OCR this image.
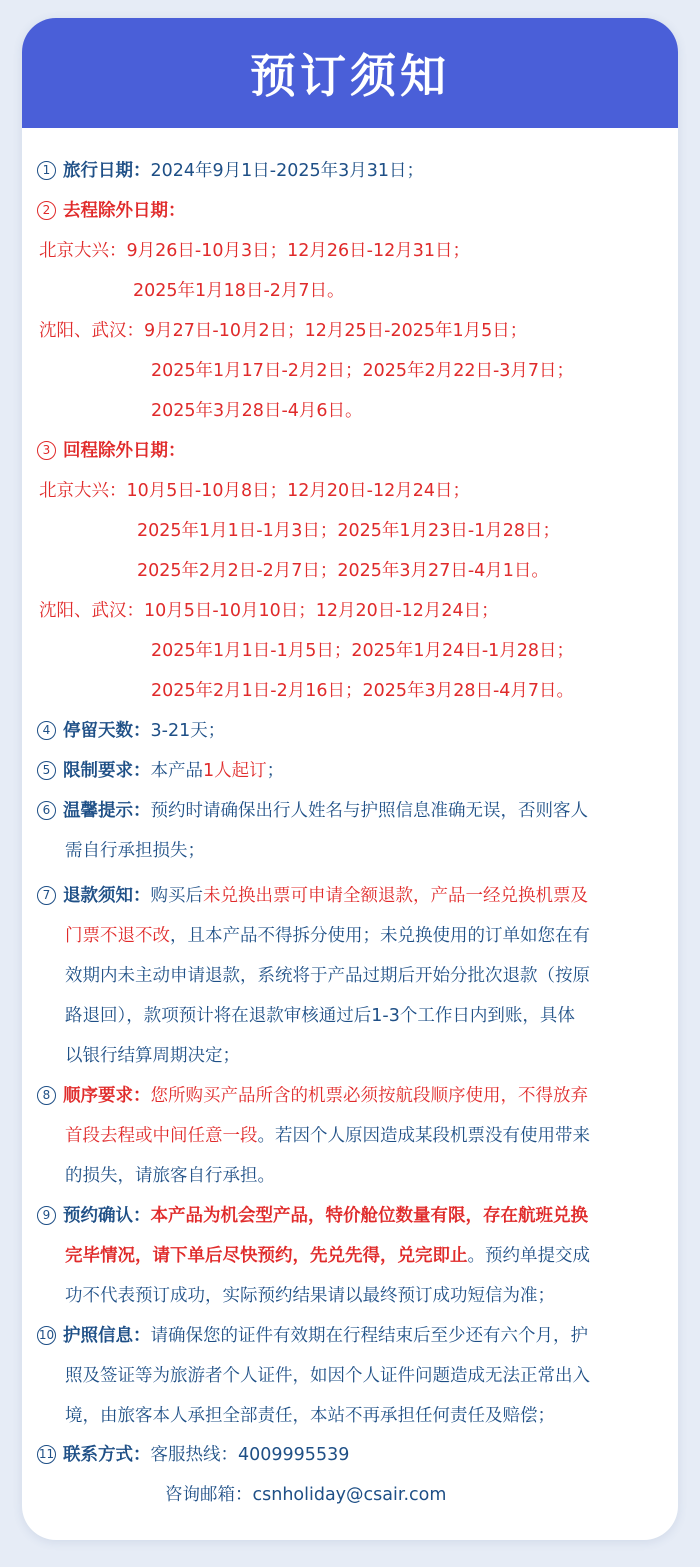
预订须知
1 旅行日期：2024年9月1日-2025年3月31日；
2 去程除外日期：
北京大兴：9月26日-10月3日；12月26日-12月31日；
2025年1月18日-2月7日。
沈阳、武汉：9月27日-10月2日；12月25日-2025年1月5日；
2025年1月17日-2月2日；2025年2月22日-3月7日；
2025年3月28日-4月6日。
3 回程除外日期：
北京大兴：10月5日-10月8日；12月20日-12月24日；
2025年1月1日-1月3日；2025年1月23日-1月28日；
2025年2月2日-2月7日；2025年3月27日-4月1日。
沈阳、武汉：10月5日-10月10日；12月20日-12月24日；
2025年1月1日-1月5日；2025年1月24日-1月28日；
2025年2月1日-2月16日；2025年3月28日-4月7日。
4 停留天数：3-21天；
5 限制要求：本产品1人起订；
6 温馨提示：预约时请确保出行人姓名与护照信息准确无误，否则客人
需自行承担损失；
7 退款须知：购买后未兑换出票可申请全额退款，产品一经兑换机票及
门票不退不改，且本产品不得拆分使用；未兑换使用的订单如您在有
效期内未主动申请退款，系统将于产品过期后开始分批次退款（按原
路退回），款项预计将在退款审核通过后1-3个工作日内到账，具体
以银行结算周期决定；
8 顺序要求：您所购买产品所含的机票必须按航段顺序使用，不得放弃
首段去程或中间任意一段。若因个人原因造成某段机票没有使用带来
的损失，请旅客自行承担。
9 预约确认：本产品为机会型产品，特价舱位数量有限，存在航班兑换
完毕情况，请下单后尽快预约，先兑先得，兑完即止。预约单提交成
功不代表预订成功，实际预约结果请以最终预订成功短信为准；
10 护照信息：请确保您的证件有效期在行程结束后至少还有六个月，护
照及签证等为旅游者个人证件，如因个人证件问题造成无法正常出入
境，由旅客本人承担全部责任，本站不再承担任何责任及赔偿；
11 联系方式：客服热线：4009995539
咨询邮箱：csnholiday@csair.com
